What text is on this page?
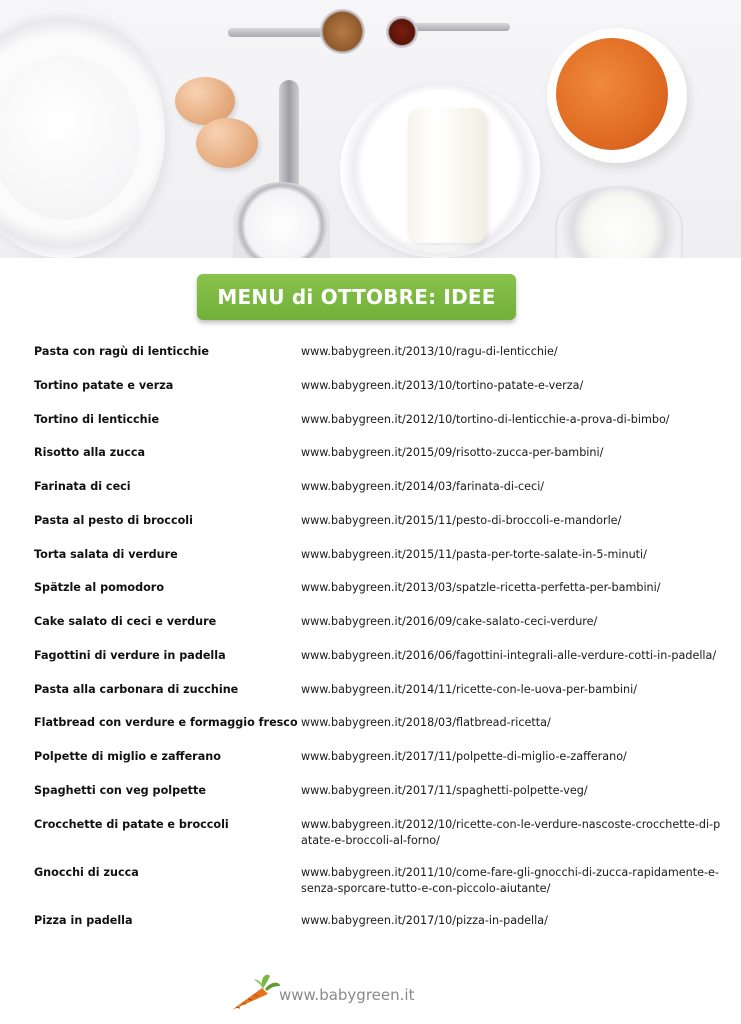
MENU di OTTOBRE: IDEE
Pasta con ragù di lenticchie	www.babygreen.it/2013/10/ragu-di-lenticchie/
Tortino patate e verza	www.babygreen.it/2013/10/tortino-patate-e-verza/
Tortino di lenticchie	www.babygreen.it/2012/10/tortino-di-lenticchie-a-prova-di-bimbo/
Risotto alla zucca	www.babygreen.it/2015/09/risotto-zucca-per-bambini/
Farinata di ceci	www.babygreen.it/2014/03/farinata-di-ceci/
Pasta al pesto di broccoli	www.babygreen.it/2015/11/pesto-di-broccoli-e-mandorle/
Torta salata di verdure	www.babygreen.it/2015/11/pasta-per-torte-salate-in-5-minuti/
Spätzle al pomodoro	www.babygreen.it/2013/03/spatzle-ricetta-perfetta-per-bambini/
Cake salato di ceci e verdure	www.babygreen.it/2016/09/cake-salato-ceci-verdure/
Fagottini di verdure in padella	www.babygreen.it/2016/06/fagottini-integrali-alle-verdure-cotti-in-padella/
Pasta alla carbonara di zucchine	www.babygreen.it/2014/11/ricette-con-le-uova-per-bambini/
Flatbread con verdure e formaggio fresco www.babygreen.it/2018/03/flatbread-ricetta/
Polpette di miglio e zafferano	www.babygreen.it/2017/11/polpette-di-miglio-e-zafferano/
Spaghetti con veg polpette	www.babygreen.it/2017/11/spaghetti-polpette-veg/
Crocchette di patate e broccoli	www.babygreen.it/2012/10/ricette-con-le-verdure-nascoste-crocchette-di-patate-e-broccoli-al-forno/
Gnocchi di zucca	www.babygreen.it/2011/10/come-fare-gli-gnocchi-di-zucca-rapidamente-e-senza-sporcare-tutto-e-con-piccolo-aiutante/
Pizza in padella	www.babygreen.it/2017/10/pizza-in-padella/
www.babygreen.it
